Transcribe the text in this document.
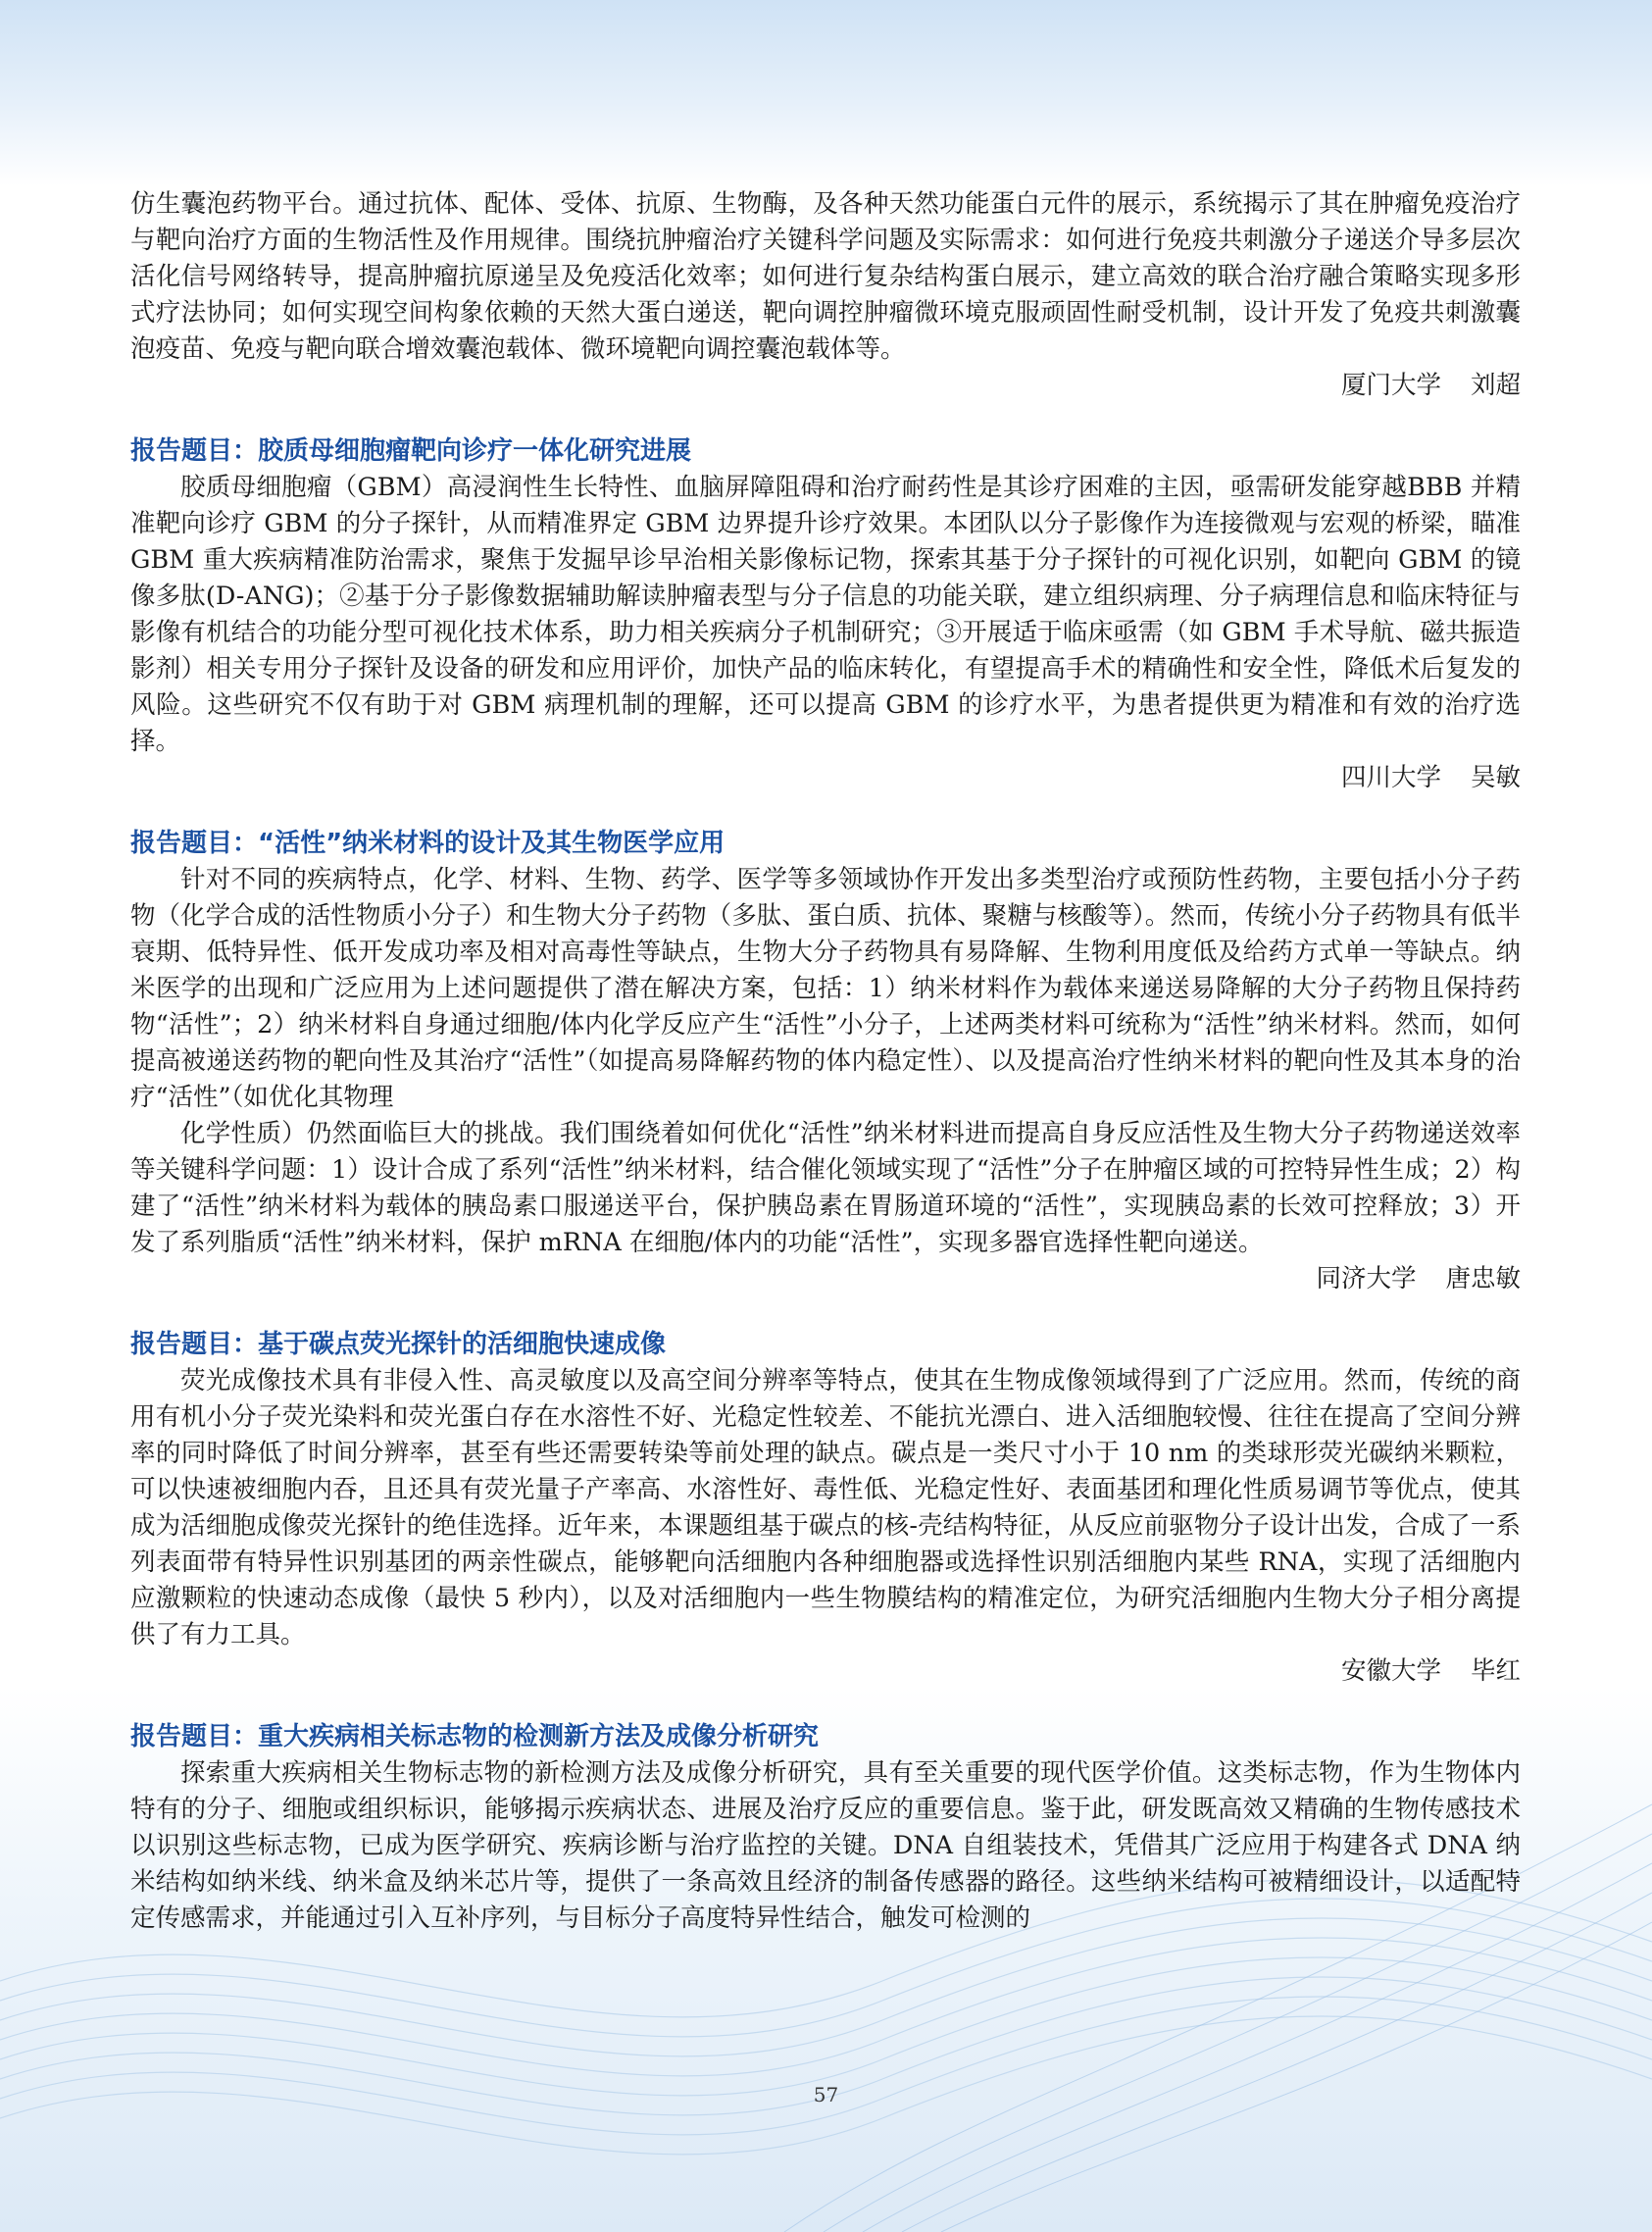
仿生囊泡药物平台。通过抗体、配体、受体、抗原、生物酶，及各种天然功能蛋白元件的展示，系统揭示了其在肿瘤免疫治疗与靶向治疗方面的生物活性及作用规律。围绕抗肿瘤治疗关键科学问题及实际需求：如何进行免疫共刺激分子递送介导多层次活化信号网络转导，提高肿瘤抗原递呈及免疫活化效率；如何进行复杂结构蛋白展示，建立高效的联合治疗融合策略实现多形式疗法协同；如何实现空间构象依赖的天然大蛋白递送，靶向调控肿瘤微环境克服顽固性耐受机制，设计开发了免疫共刺激囊泡疫苗、免疫与靶向联合增效囊泡载体、微环境靶向调控囊泡载体等。

厦门大学 刘超
报告题目：胶质母细胞瘤靶向诊疗一体化研究进展

胶质母细胞瘤（GBM）高浸润性生长特性、血脑屏障阻碍和治疗耐药性是其诊疗困难的主因，亟需研发能穿越BBB 并精准靶向诊疗 GBM 的分子探针，从而精准界定 GBM 边界提升诊疗效果。本团队以分子影像作为连接微观与宏观的桥梁，瞄准 GBM 重大疾病精准防治需求，聚焦于发掘早诊早治相关影像标记物，探索其基于分子探针的可视化识别，如靶向 GBM 的镜像多肽(D-ANG)；②基于分子影像数据辅助解读肿瘤表型与分子信息的功能关联，建立组织病理、分子病理信息和临床特征与影像有机结合的功能分型可视化技术体系，助力相关疾病分子机制研究；③开展适于临床亟需（如 GBM 手术导航、磁共振造影剂）相关专用分子探针及设备的研发和应用评价，加快产品的临床转化，有望提高手术的精确性和安全性，降低术后复发的风险。这些研究不仅有助于对 GBM 病理机制的理解，还可以提高 GBM 的诊疗水平，为患者提供更为精准和有效的治疗选择。

四川大学 吴敏
报告题目：“活性”纳米材料的设计及其生物医学应用

针对不同的疾病特点，化学、材料、生物、药学、医学等多领域协作开发出多类型治疗或预防性药物，主要包括小分子药物（化学合成的活性物质小分子）和生物大分子药物（多肽、蛋白质、抗体、聚糖与核酸等）。然而，传统小分子药物具有低半衰期、低特异性、低开发成功率及相对高毒性等缺点，生物大分子药物具有易降解、生物利用度低及给药方式单一等缺点。纳米医学的出现和广泛应用为上述问题提供了潜在解决方案，包括：1）纳米材料作为载体来递送易降解的大分子药物且保持药物“活性”；2）纳米材料自身通过细胞/体内化学反应产生“活性”小分子，上述两类材料可统称为“活性”纳米材料。然而，如何提高被递送药物的靶向性及其治疗“活性”（如提高易降解药物的体内稳定性）、以及提高治疗性纳米材料的靶向性及其本身的治疗“活性”（如优化其物理

化学性质）仍然面临巨大的挑战。我们围绕着如何优化“活性”纳米材料进而提高自身反应活性及生物大分子药物递送效率等关键科学问题：1）设计合成了系列“活性”纳米材料，结合催化领域实现了“活性”分子在肿瘤区域的可控特异性生成；2）构建了“活性”纳米材料为载体的胰岛素口服递送平台，保护胰岛素在胃肠道环境的“活性”，实现胰岛素的长效可控释放；3）开发了系列脂质“活性”纳米材料，保护 mRNA 在细胞/体内的功能“活性”，实现多器官选择性靶向递送。

同济大学 唐忠敏
报告题目：基于碳点荧光探针的活细胞快速成像

荧光成像技术具有非侵入性、高灵敏度以及高空间分辨率等特点，使其在生物成像领域得到了广泛应用。然而，传统的商用有机小分子荧光染料和荧光蛋白存在水溶性不好、光稳定性较差、不能抗光漂白、进入活细胞较慢、往往在提高了空间分辨率的同时降低了时间分辨率，甚至有些还需要转染等前处理的缺点。碳点是一类尺寸小于 10 nm 的类球形荧光碳纳米颗粒，可以快速被细胞内吞，且还具有荧光量子产率高、水溶性好、毒性低、光稳定性好、表面基团和理化性质易调节等优点，使其成为活细胞成像荧光探针的绝佳选择。近年来，本课题组基于碳点的核-壳结构特征，从反应前驱物分子设计出发，合成了一系列表面带有特异性识别基团的两亲性碳点，能够靶向活细胞内各种细胞器或选择性识别活细胞内某些 RNA，实现了活细胞内应激颗粒的快速动态成像（最快 5 秒内），以及对活细胞内一些生物膜结构的精准定位，为研究活细胞内生物大分子相分离提供了有力工具。

安徽大学 毕红
报告题目：重大疾病相关标志物的检测新方法及成像分析研究

探索重大疾病相关生物标志物的新检测方法及成像分析研究，具有至关重要的现代医学价值。这类标志物，作为生物体内特有的分子、细胞或组织标识，能够揭示疾病状态、进展及治疗反应的重要信息。鉴于此，研发既高效又精确的生物传感技术以识别这些标志物，已成为医学研究、疾病诊断与治疗监控的关键。DNA 自组装技术，凭借其广泛应用于构建各式 DNA 纳米结构如纳米线、纳米盒及纳米芯片等，提供了一条高效且经济的制备传感器的路径。这些纳米结构可被精细设计，以适配特定传感需求，并能通过引入互补序列，与目标分子高度特异性结合，触发可检测的

57
